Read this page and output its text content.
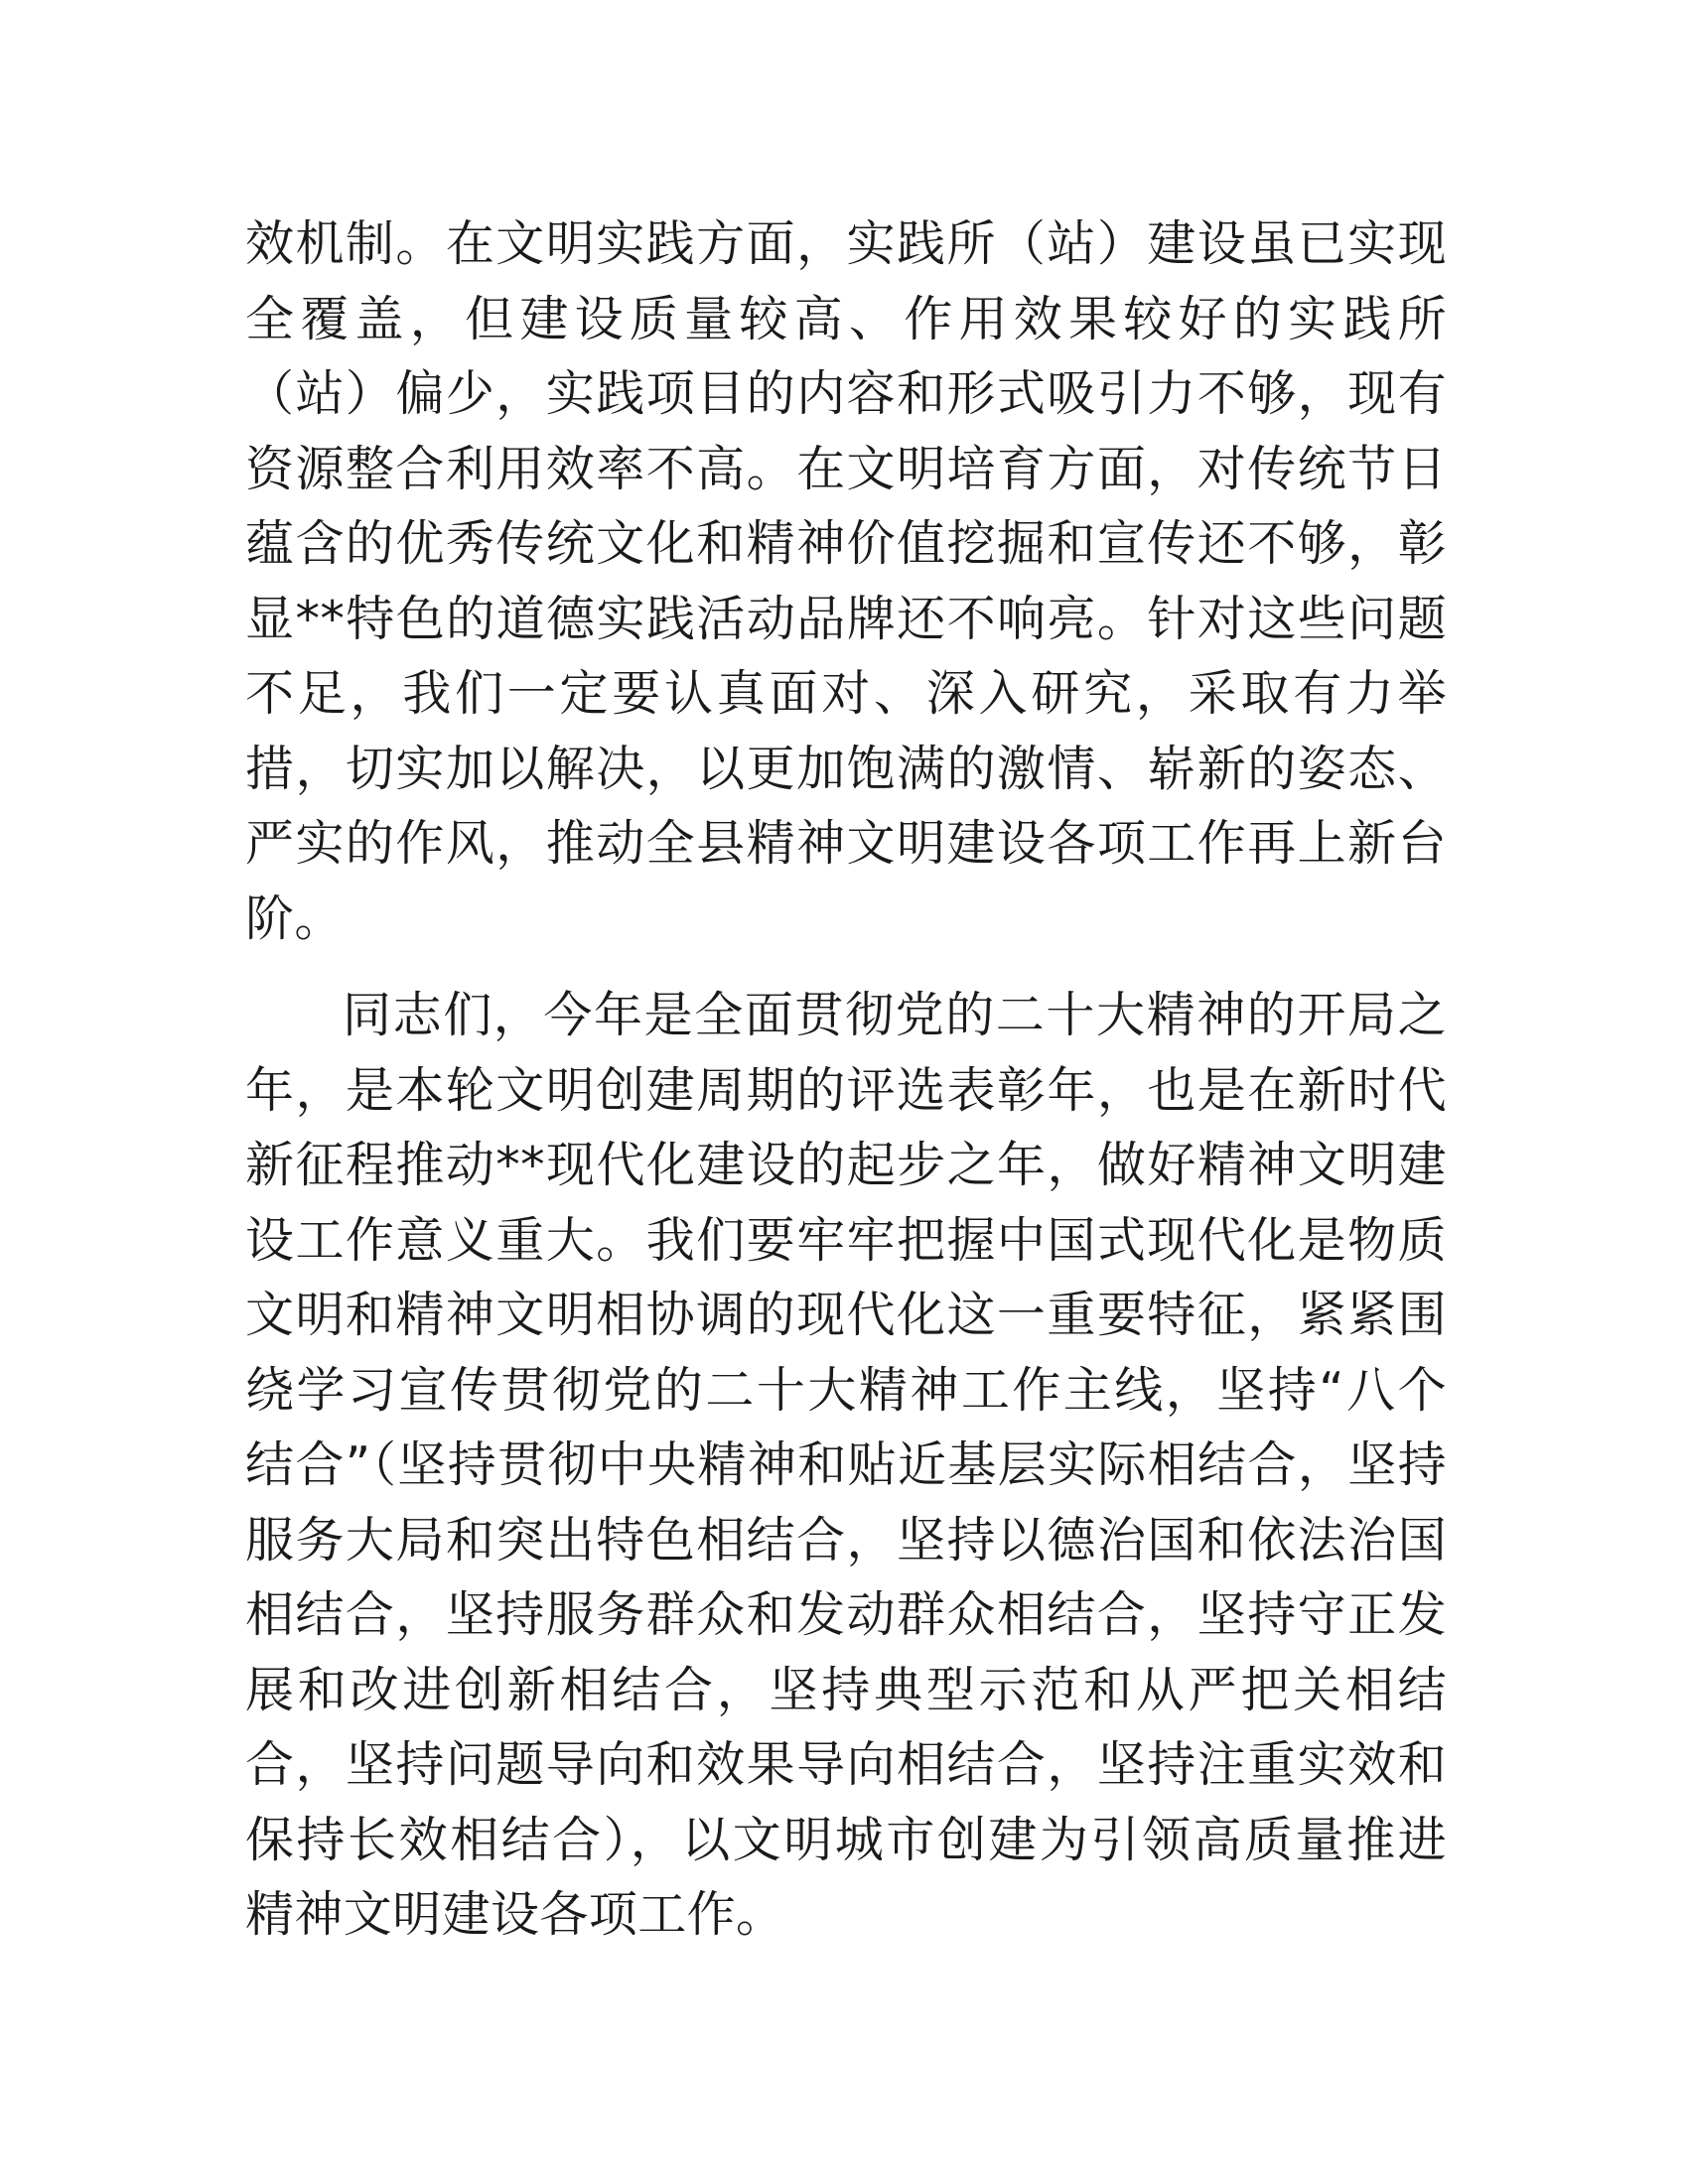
效机制。在文明实践方面，实践所（站）建设虽已实现全覆盖，但建设质量较高、作用效果较好的实践所（站）偏少，实践项目的内容和形式吸引力不够，现有资源整合利用效率不高。在文明培育方面，对传统节日蕴含的优秀传统文化和精神价值挖掘和宣传还不够，彰显**特色的道德实践活动品牌还不响亮。针对这些问题不足，我们一定要认真面对、深入研究，采取有力举措，切实加以解决，以更加饱满的激情、崭新的姿态、严实的作风，推动全县精神文明建设各项工作再上新台阶。

同志们，今年是全面贯彻党的二十大精神的开局之年，是本轮文明创建周期的评选表彰年，也是在新时代新征程推动**现代化建设的起步之年，做好精神文明建设工作意义重大。我们要牢牢把握中国式现代化是物质文明和精神文明相协调的现代化这一重要特征，紧紧围绕学习宣传贯彻党的二十大精神工作主线，坚持“八个结合”（坚持贯彻中央精神和贴近基层实际相结合，坚持服务大局和突出特色相结合，坚持以德治国和依法治国相结合，坚持服务群众和发动群众相结合，坚持守正发展和改进创新相结合，坚持典型示范和从严把关相结合，坚持问题导向和效果导向相结合，坚持注重实效和保持长效相结合），以文明城市创建为引领高质量推进精神文明建设各项工作。
